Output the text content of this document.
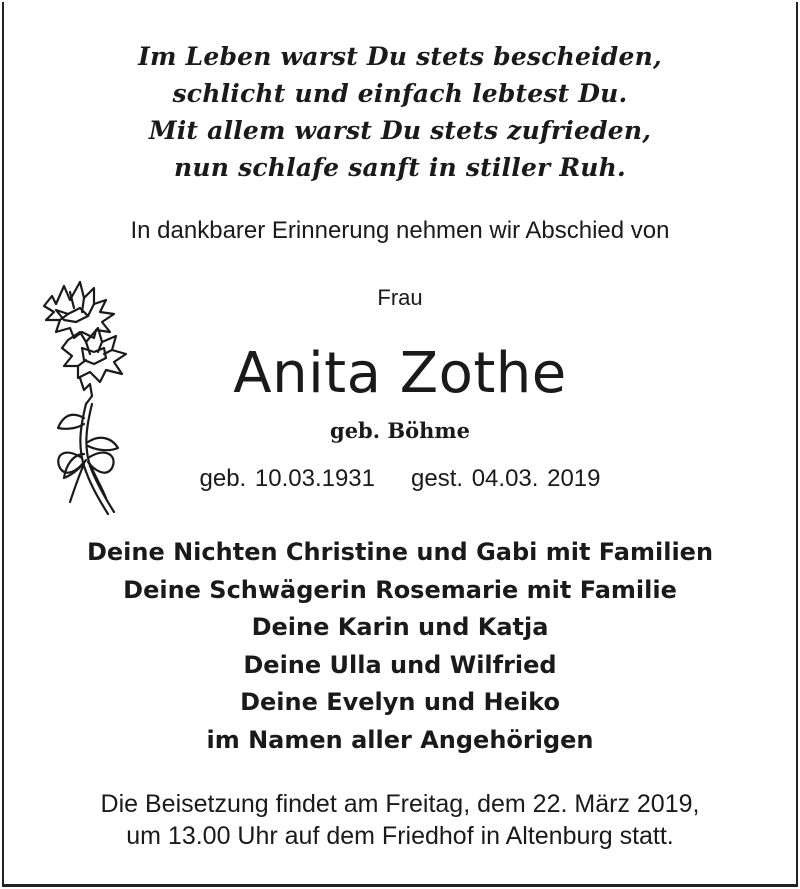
Im Leben warst Du stets bescheiden,
schlicht und einfach lebtest Du.
Mit allem warst Du stets zufrieden,
nun schlafe sanft in stiller Ruh.
In dankbarer Erinnerung nehmen wir Abschied von
Frau
Anita Zothe
geb. Böhme
geb. 10.03.1931 gest. 04.03. 2019
Deine Nichten Christine und Gabi mit Familien
Deine Schwägerin Rosemarie mit Familie
Deine Karin und Katja
Deine Ulla und Wilfried
Deine Evelyn und Heiko
im Namen aller Angehörigen
Die Beisetzung findet am Freitag, dem 22. März 2019,
um 13.00 Uhr auf dem Friedhof in Altenburg statt.
